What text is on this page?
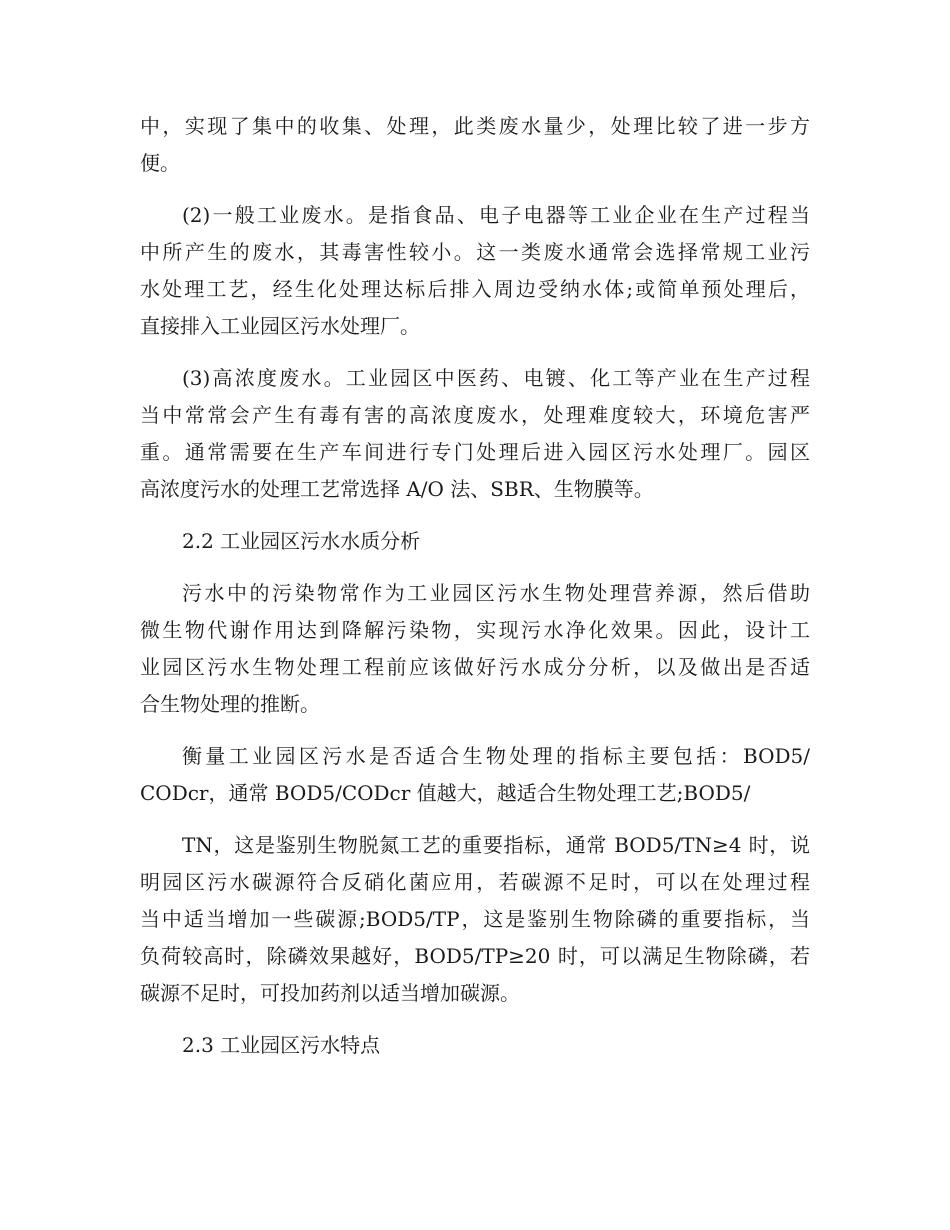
中，实现了集中的收集、处理，此类废水量少，处理比较了进一步方
便。
(2)一般工业废水。是指食品、电子电器等工业企业在生产过程当
中所产生的废水，其毒害性较小。这一类废水通常会选择常规工业污
水处理工艺，经生化处理达标后排入周边受纳水体;或简单预处理后，
直接排入工业园区污水处理厂。
(3)高浓度废水。工业园区中医药、电镀、化工等产业在生产过程
当中常常会产生有毒有害的高浓度废水，处理难度较大，环境危害严
重。通常需要在生产车间进行专门处理后进入园区污水处理厂。园区
高浓度污水的处理工艺常选择 A/O 法、SBR、生物膜等。
2.2 工业园区污水水质分析
污水中的污染物常作为工业园区污水生物处理营养源，然后借助
微生物代谢作用达到降解污染物，实现污水净化效果。因此，设计工
业园区污水生物处理工程前应该做好污水成分分析，以及做出是否适
合生物处理的推断。
衡量工业园区污水是否适合生物处理的指标主要包括：BOD5/
CODcr，通常 BOD5/CODcr 值越大，越适合生物处理工艺;BOD5/
TN，这是鉴别生物脱氮工艺的重要指标，通常 BOD5/TN≥4 时，说
明园区污水碳源符合反硝化菌应用，若碳源不足时，可以在处理过程
当中适当增加一些碳源;BOD5/TP，这是鉴别生物除磷的重要指标，当
负荷较高时，除磷效果越好，BOD5/TP≥20 时，可以满足生物除磷，若
碳源不足时，可投加药剂以适当增加碳源。
2.3 工业园区污水特点
